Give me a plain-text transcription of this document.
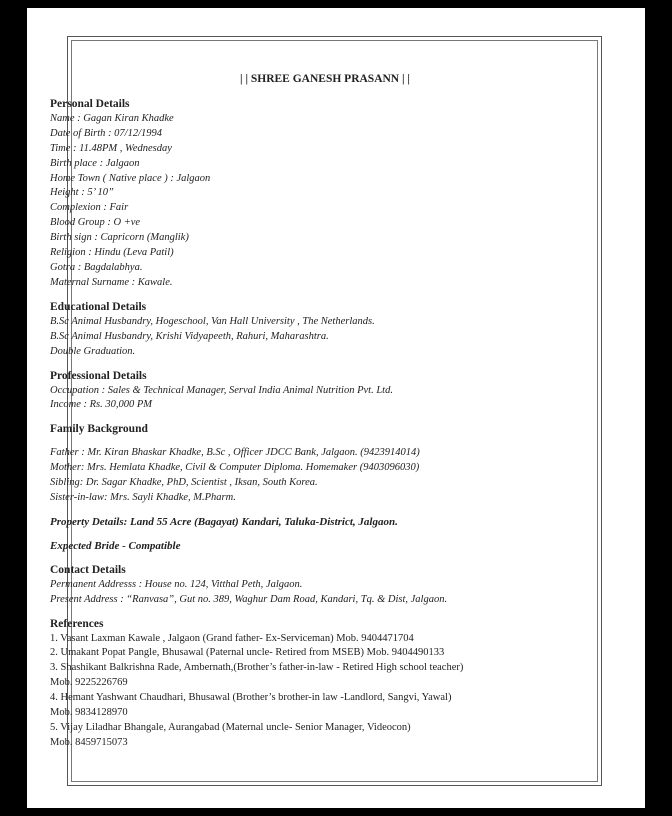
| | SHREE GANESH PRASANN | |
Personal Details
Name : Gagan Kiran Khadke
Date of Birth : 07/12/1994
Time : 11.48PM , Wednesday
Birth place : Jalgaon
Home Town ( Native place ) : Jalgaon
Height : 5’ 10”
Complexion : Fair
Blood Group : O +ve
Birth sign : Capricorn (Manglik)
Religion : Hindu (Leva Patil)
Gotra : Bagdalabhya.
Maternal Surname : Kawale.
Educational Details
B.Sc Animal Husbandry, Hogeschool, Van Hall University , The Netherlands.
B.Sc Animal Husbandry, Krishi Vidyapeeth, Rahuri, Maharashtra.
Double Graduation.
Professional Details
Occupation : Sales & Technical Manager, Serval India Animal Nutrition Pvt. Ltd.
Income : Rs. 30,000 PM
Family Background
Father : Mr. Kiran Bhaskar Khadke, B.Sc , Officer JDCC Bank, Jalgaon. (9423914014)
Mother: Mrs. Hemlata Khadke, Civil & Computer Diploma. Homemaker (9403096030)
Sibling: Dr. Sagar Khadke, PhD, Scientist , Iksan, South Korea.
Sister-in-law: Mrs. Sayli Khadke, M.Pharm.
Property Details: Land 55 Acre (Bagayat) Kandari, Taluka-District, Jalgaon.
Expected Bride - Compatible
Contact Details
Permanent Addresss : House no. 124, Vitthal Peth, Jalgaon.
Present Address : “Ranvasa”, Gut no. 389, Waghur Dam Road, Kandari, Tq. & Dist, Jalgaon.
References
1. Vasant Laxman Kawale , Jalgaon (Grand father- Ex-Serviceman) Mob. 9404471704
2. Umakant Popat Pangle, Bhusawal (Paternal uncle- Retired from MSEB) Mob. 9404490133
3. Shashikant Balkrishna Rade, Ambernath,(Brother’s father-in-law - Retired High school teacher)
Mob. 9225226769
4. Hemant Yashwant Chaudhari, Bhusawal (Brother’s brother-in law -Landlord, Sangvi, Yawal)
Mob. 9834128970
5. Vijay Liladhar Bhangale, Aurangabad (Maternal uncle- Senior Manager, Videocon)
Mob. 8459715073
